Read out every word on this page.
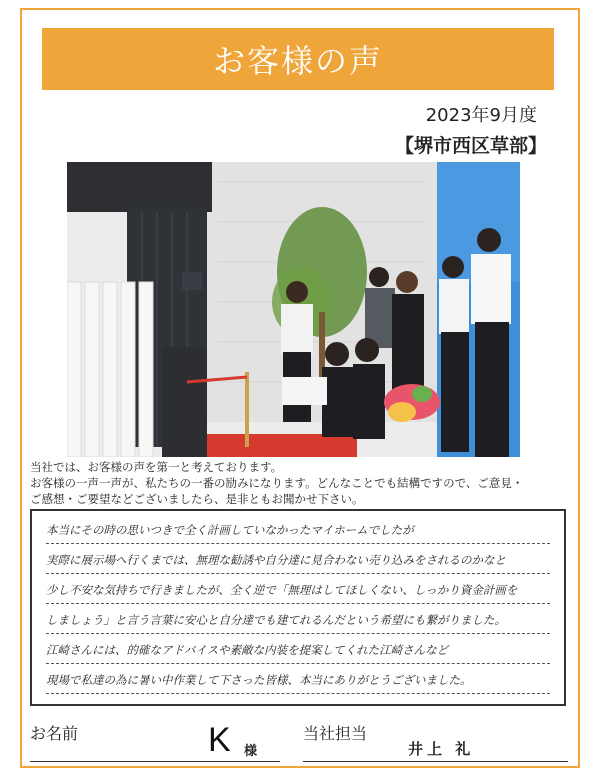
お客様の声
2023年9月度
【堺市西区草部】
当社では、お客様の声を第一と考えております。
お客様の一声一声が、私たちの一番の励みになります。どんなことでも結構ですので、ご意見・
ご感想・ご要望などございましたら、是非ともお聞かせ下さい。
本当にその時の思いつきで全く計画していなかったマイホームでしたが
実際に展示場へ行くまでは、無理な勧誘や自分達に見合わない売り込みをされるのかなと
少し不安な気持ちで行きましたが、全く逆で「無理はしてほしくない、しっかり資金計画を
しましょう」と言う言葉に安心と自分達でも建てれるんだという希望にも繋がりました。
江崎さんには、的確なアドバイスや素敵な内装を提案してくれた江崎さんなど
現場で私達の為に暑い中作業して下さった皆様、本当にありがとうございました。
お名前	K 様
当社担当
井上 礼
